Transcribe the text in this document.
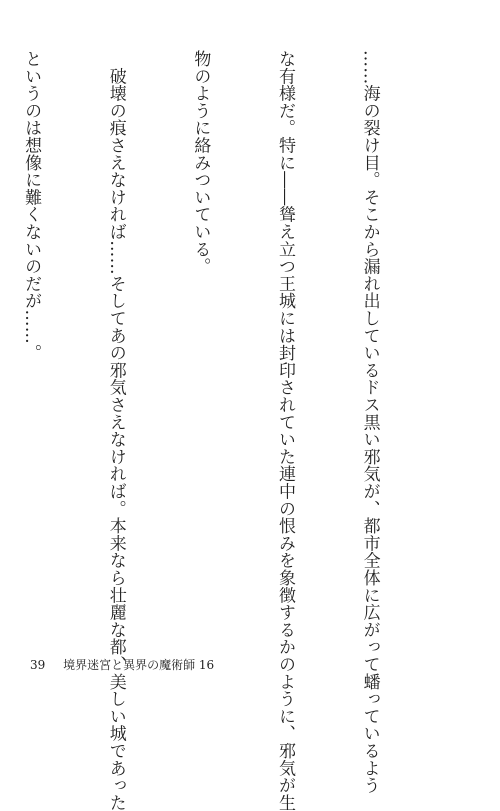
……海の裂け目。そこから漏れ出しているドス黒い邪気が、都市全体に広がって蟠っているよう

な有様だ。特に――聳え立つ王城には封印されていた連中の恨みを象徴するかのように、邪気が生

物のように絡みついている。

　破壊の痕さえなければ……そしてあの邪気さえなければ。本来なら壮麗な都、美しい城であった

というのは想像に難くないのだが……。

39 境界迷宮と異界の魔術師 16
